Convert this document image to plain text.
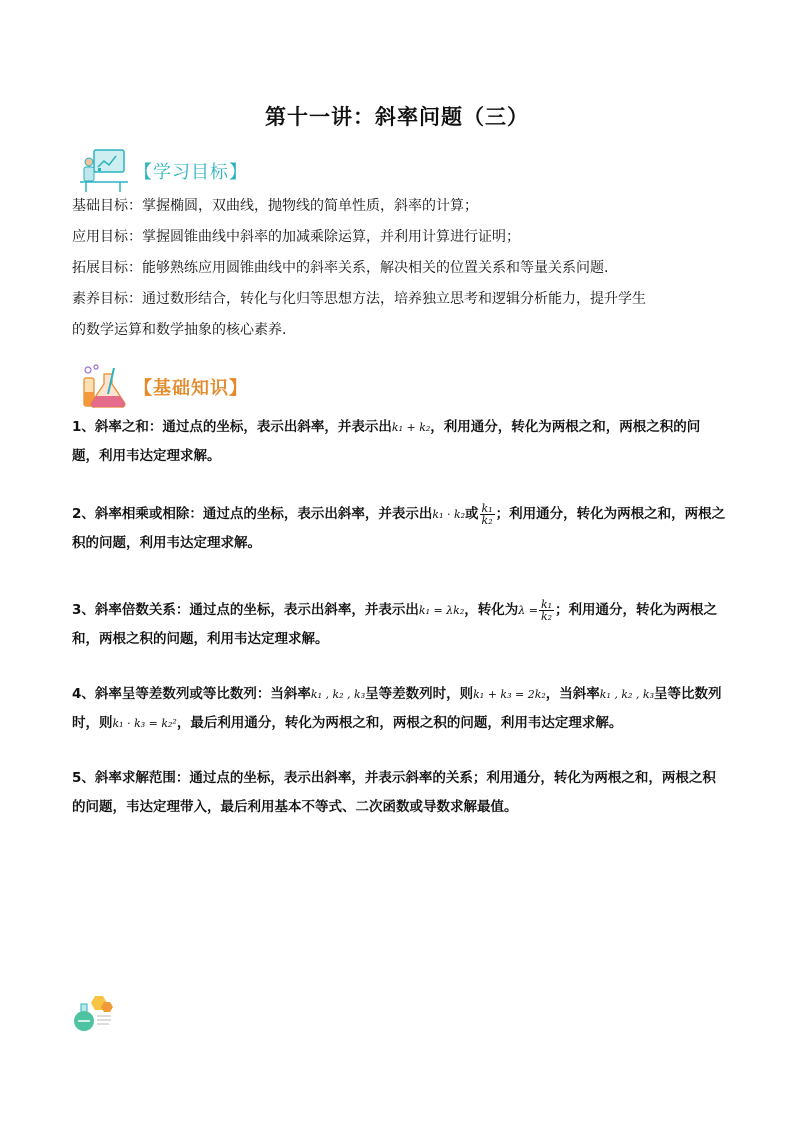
第十一讲：斜率问题（三）
【学习目标】
基础目标：掌握椭圆，双曲线，抛物线的简单性质，斜率的计算；
应用目标：掌握圆锥曲线中斜率的加减乘除运算，并利用计算进行证明；
拓展目标：能够熟练应用圆锥曲线中的斜率关系，解决相关的位置关系和等量关系问题.
素养目标：通过数形结合，转化与化归等思想方法，培养独立思考和逻辑分析能力，提升学生
的数学运算和数学抽象的核心素养.
【基础知识】
1、斜率之和：通过点的坐标，表示出斜率，并表示出k₁ + k₂，利用通分，转化为两根之和，两根之积的问题，利用韦达定理求解。
2、斜率相乘或相除：通过点的坐标，表示出斜率，并表示出k₁ · k₂或 $\frac{\text{k₁}}{\text{k₂}}$ ；利用通分，转化为两根之和，两根之积的问题，利用韦达定理求解。
3、斜率倍数关系：通过点的坐标，表示出斜率，并表示出k₁ = λk₂，转化为$\lambda = \frac{\text{k₁}}{\text{k₂}}$ ；利用通分，转化为两根之和，两根之积的问题，利用韦达定理求解。
4、斜率呈等差数列或等比数列：当斜率k₁ , k₂ , k₃呈等差数列时，则k₁ + k₃ = 2k₂，当斜率k₁ , k₂ , k₃呈等比数列时，则k₁ · k₃ = k₂²，最后利用通分，转化为两根之和，两根之积的问题，利用韦达定理求解。
5、斜率求解范围：通过点的坐标，表示出斜率，并表示斜率的关系；利用通分，转化为两根之和，两根之积的问题，韦达定理带入，最后利用基本不等式、二次函数或导数求解最值。
